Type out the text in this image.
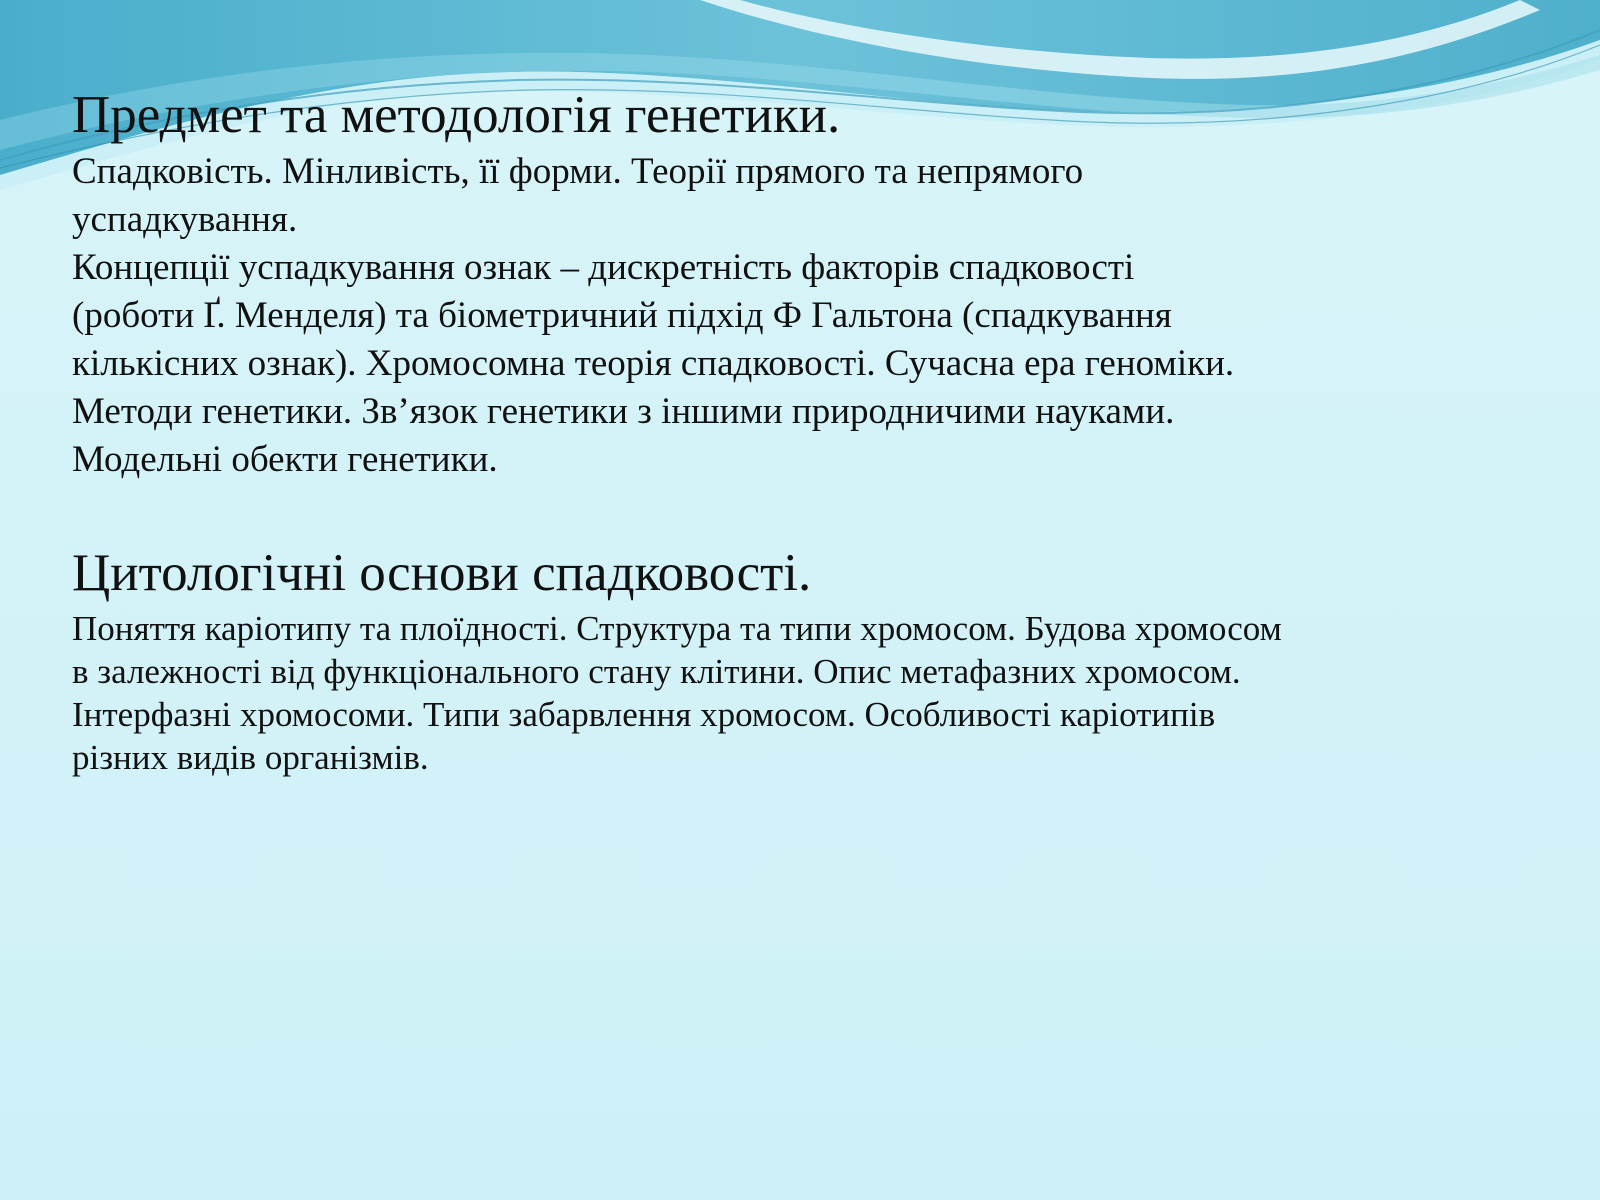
Предмет та методологія генетики.

Спадковість. Мінливість, її форми. Теорії прямого та непрямого
успадкування.
Концепції успадкування ознак – дискретність факторів спадковості
(роботи Ґ. Менделя) та біометричний підхід Ф Гальтона (спадкування
кількісних ознак). Хромосомна теорія спадковості. Сучасна ера геноміки.
Методи генетики. Зв’язок генетики з іншими природничими науками.
Модельні обекти генетики.

Цитологічні основи спадковості.

Поняття каріотипу та плоїдності. Структура та типи хромосом. Будова хромосом
в залежності від функціонального стану клітини. Опис метафазних хромосом.
Інтерфазні хромосоми. Типи забарвлення хромосом. Особливості каріотипів
різних видів організмів.
